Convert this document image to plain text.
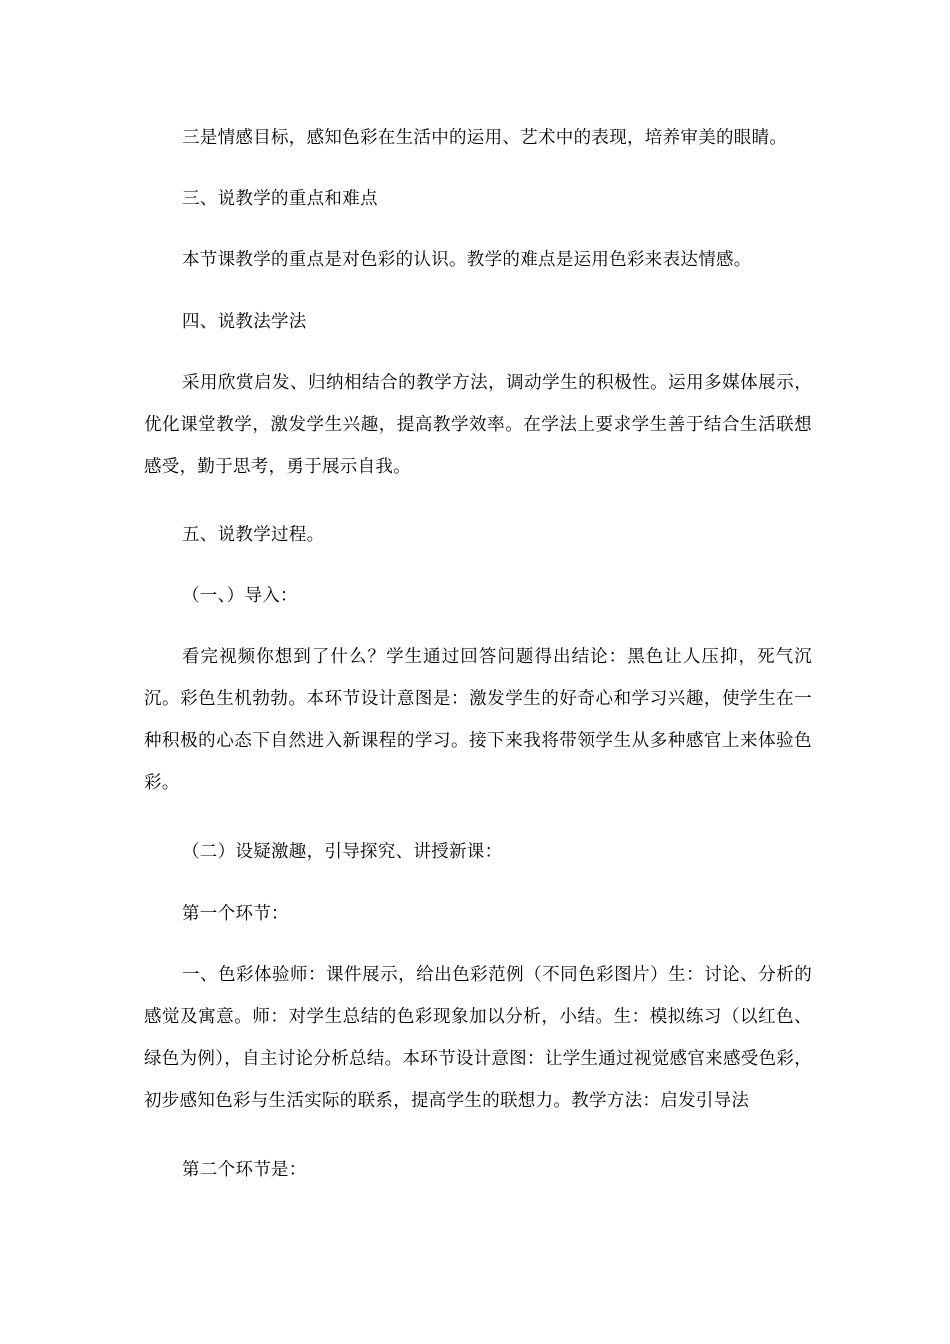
三是情感目标，感知色彩在生活中的运用、艺术中的表现，培养审美的眼睛。

三、说教学的重点和难点

本节课教学的重点是对色彩的认识。教学的难点是运用色彩来表达情感。

四、说教法学法

采用欣赏启发、归纳相结合的教学方法，调动学生的积极性。运用多媒体展示，优化课堂教学，激发学生兴趣，提高教学效率。在学法上要求学生善于结合生活联想感受，勤于思考，勇于展示自我。

五、说教学过程。

（一、）导入：

看完视频你想到了什么？学生通过回答问题得出结论：黑色让人压抑，死气沉沉。彩色生机勃勃。本环节设计意图是：激发学生的好奇心和学习兴趣，使学生在一种积极的心态下自然进入新课程的学习。接下来我将带领学生从多种感官上来体验色彩。

（二）设疑激趣，引导探究、讲授新课：

第一个环节：

一、色彩体验师：课件展示，给出色彩范例（不同色彩图片）生：讨论、分析的感觉及寓意。师：对学生总结的色彩现象加以分析，小结。生：模拟练习（以红色、绿色为例），自主讨论分析总结。本环节设计意图：让学生通过视觉感官来感受色彩，初步感知色彩与生活实际的联系，提高学生的联想力。教学方法：启发引导法

第二个环节是：
